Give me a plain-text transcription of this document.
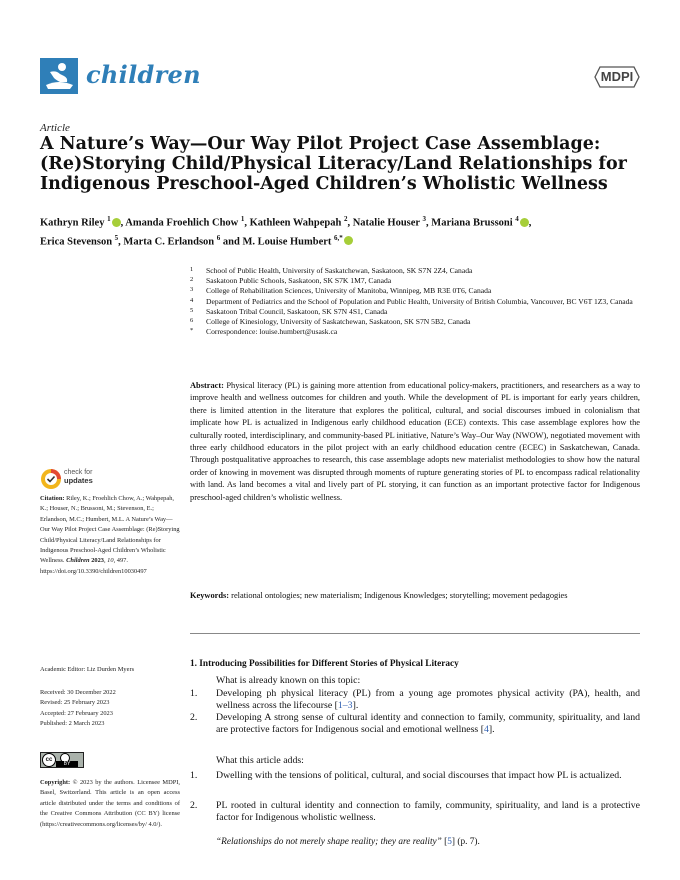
children	MDPI
Article
A Nature’s Way—Our Way Pilot Project Case Assemblage: (Re)Storying Child/Physical Literacy/Land Relationships for Indigenous Preschool-Aged Children’s Wholistic Wellness
Kathryn Riley $^1$ , Amanda Froehlich Chow $^1$, Kathleen Wahpepah $^2$, Natalie Houser $^3$, Mariana Brussoni $^4$ ,
Erica Stevenson $^5$, Marta C. Erlandson $^6$ and M. Louise Humbert $^{6,*}$
1 School of Public Health, University of Saskatchewan, Saskatoon, SK S7N 2Z4, Canada
2 Saskatoon Public Schools, Saskatoon, SK S7K 1M7, Canada
3 College of Rehabilitation Sciences, University of Manitoba, Winnipeg, MB R3E 0T6, Canada
4 Department of Pediatrics and the School of Population and Public Health, University of British Columbia, Vancouver, BC V6T 1Z3, Canada
5 Saskatoon Tribal Council, Saskatoon, SK S7N 4S1, Canada
6 College of Kinesiology, University of Saskatchewan, Saskatoon, SK S7N 5B2, Canada
* Correspondence: louise.humbert@usask.ca
Abstract: Physical literacy (PL) is gaining more attention from educational policy-makers, practitioners, and researchers as a way to improve health and wellness outcomes for children and youth. While the development of PL is important for early years children, there is limited attention in the literature that explores the political, cultural, and social discourses imbued in colonialism that implicate how PL is actualized in Indigenous early childhood education (ECE) contexts. This case assemblage explores how the culturally rooted, interdisciplinary, and community-based PL initiative, Nature’s Way–Our Way (NWOW), negotiated movement with three early childhood educators in the pilot project with an early childhood education centre (ECEC) in Saskatchewan, Canada. Through postqualitative approaches to research, this case assemblage adopts new materialist methodologies to show how the natural order of knowing in movement was disrupted through moments of rupture generating stories of PL to encompass radical relationality with land. As land becomes a vital and lively part of PL storying, it can function as an important protective factor for Indigenous preschool-aged children’s wholistic wellness.
Keywords: relational ontologies; new materialism; Indigenous Knowledges; storytelling; movement pedagogies
1. Introducing Possibilities for Different Stories of Physical Literacy
What is already known on this topic:
1. Developing ph physical literacy (PL) from a young age promotes physical activity (PA), health, and wellness across the lifecourse [1–3].
2. Developing A strong sense of cultural identity and connection to family, community, spirituality, and land are protective factors for Indigenous social and emotional wellness [4].
What this article adds:
1. Dwelling with the tensions of political, cultural, and social discourses that impact how PL is actualized.
2. PL rooted in cultural identity and connection to family, community, spirituality, and land is a protective factor for Indigenous wholistic wellness.
“Relationships do not merely shape reality; they are reality” [5] (p. 7).
check for
updates
Citation: Riley, K.; Froehlich Chow, A.; Wahpepah, K.; Houser, N.; Brussoni, M.; Stevenson, E.; Erlandson, M.C.; Humbert, M.L. A Nature’s Way—Our Way Pilot Project Case Assemblage: (Re)Storying Child/Physical Literacy/Land Relationships for Indigenous Preschool-Aged Children’s Wholistic Wellness. Children 2023, 10, 497. https://doi.org/10.3390/children10030497
Academic Editor: Liz Durden Myers
Received: 30 December 2022
Revised: 25 February 2023
Accepted: 27 February 2023
Published: 2 March 2023
cc
BY
Copyright: © 2023 by the authors. Licensee MDPI, Basel, Switzerland. This article is an open access article distributed under the terms and conditions of the Creative Commons Attribution (CC BY) license (https://creativecommons.org/licenses/by/ 4.0/).
